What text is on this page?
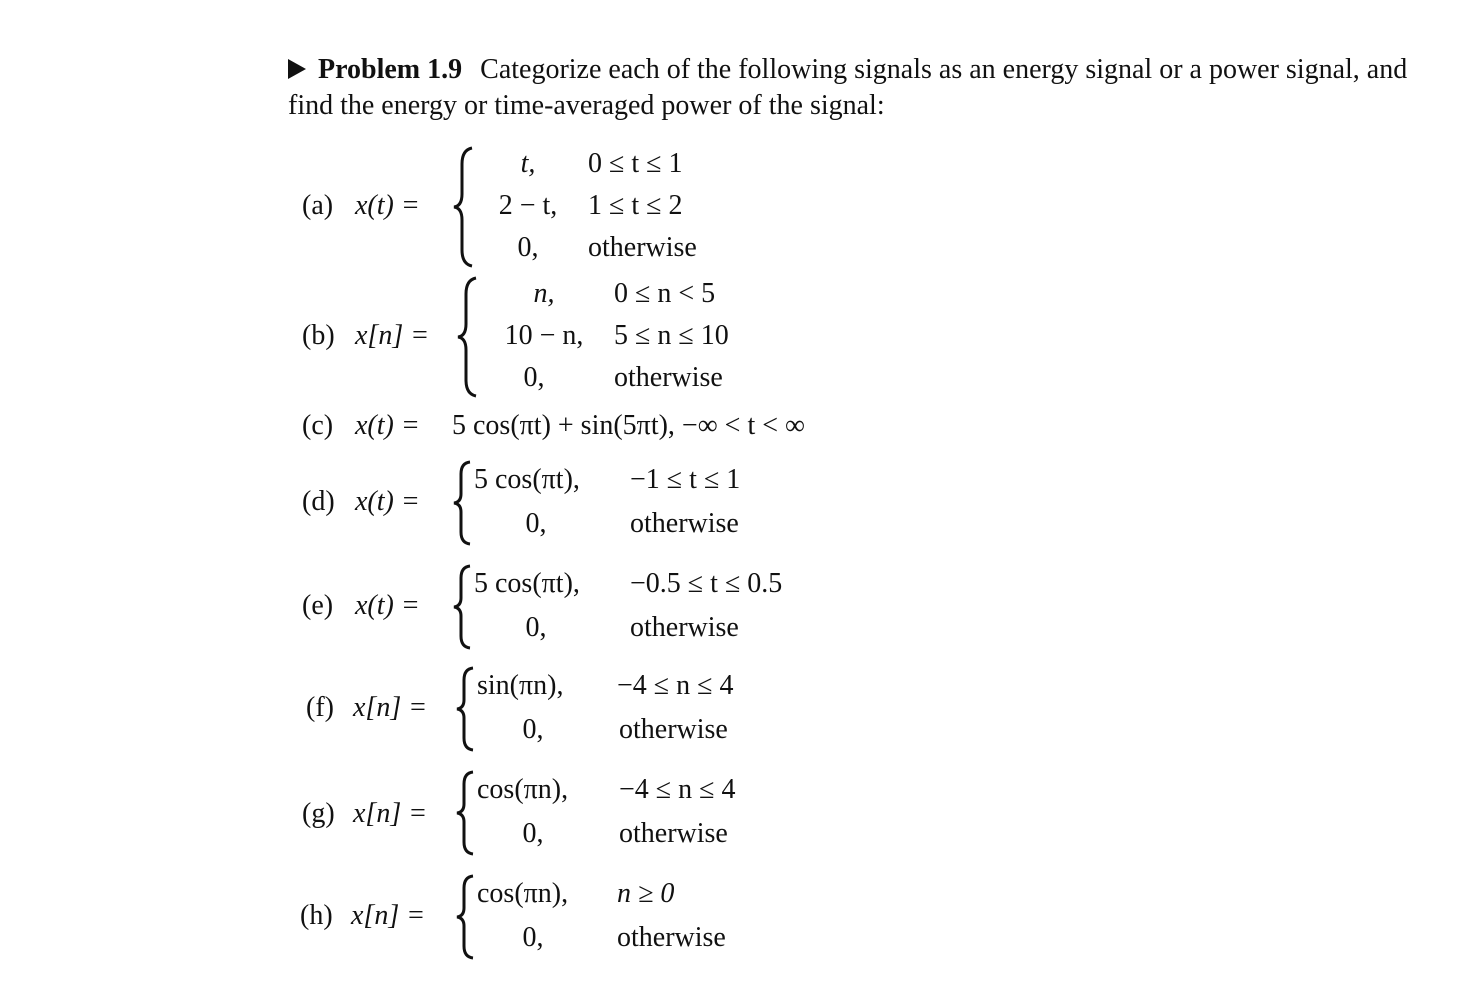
Problem 1.9 Categorize each of the following signals as an energy signal or a power signal, and find the energy or time-averaged power of the signal:
(a) x(t) =
t,	0 ≤ t ≤ 1
2 − t,	1 ≤ t ≤ 2
0,	otherwise
(b) x[n] =
n,	0 ≤ n < 5
10 − n,	5 ≤ n ≤ 10
0,	otherwise
(c) x(t) = 5 cos(πt) + sin(5πt), −∞ < t < ∞
(d) x(t) =
5 cos(πt), −1 ≤ t ≤ 1
0,	otherwise
(e) x(t) =
5 cos(πt), −0.5 ≤ t ≤ 0.5
0,	otherwise
(f) x[n] =
sin(πn), −4 ≤ n ≤ 4
0,	otherwise
(g) x[n] =
cos(πn), −4 ≤ n ≤ 4
0,	otherwise
(h) x[n] =
cos(πn), n ≥ 0
0,	otherwise
